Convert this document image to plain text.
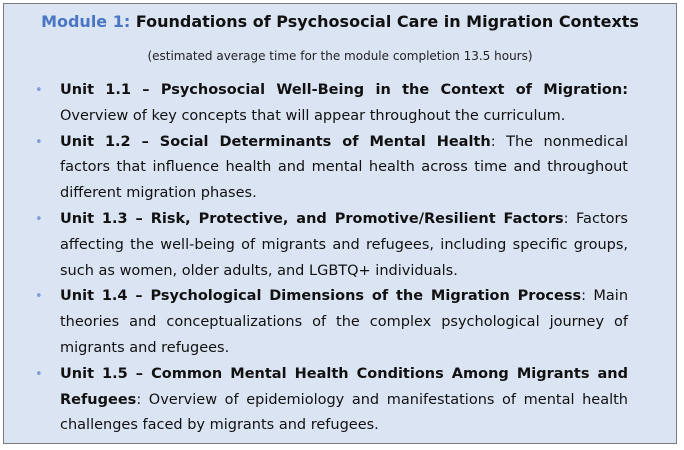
Module 1: Foundations of Psychosocial Care in Migration Contexts
(estimated average time for the module completion 13.5 hours)
• Unit 1.1 – Psychosocial Well-Being in the Context of Migration: Overview of key concepts that will appear throughout the curriculum.
• Unit 1.2 – Social Determinants of Mental Health: The nonmedical factors that influence health and mental health across time and throughout different migration phases.
• Unit 1.3 – Risk, Protective, and Promotive/Resilient Factors: Factors affecting the well-being of migrants and refugees, including specific groups, such as women, older adults, and LGBTQ+ individuals.
• Unit 1.4 – Psychological Dimensions of the Migration Process: Main theories and conceptualizations of the complex psychological journey of migrants and refugees.
• Unit 1.5 – Common Mental Health Conditions Among Migrants and Refugees: Overview of epidemiology and manifestations of mental health challenges faced by migrants and refugees.
